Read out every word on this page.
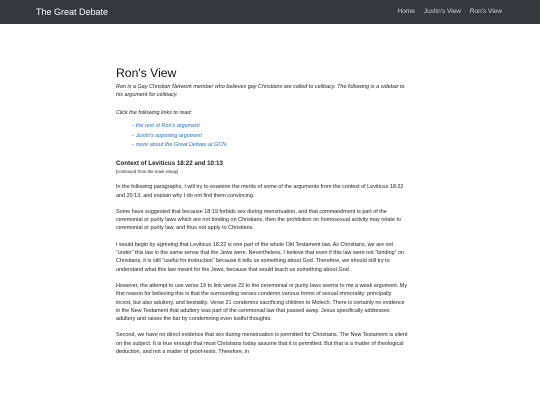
The Great Debate	Home Justin's View Ron's View
Ron's View

Ron is a Gay Christian Network member who believes gay Christians are called to celibacy. The following is a sidebar to his argument for celibacy.

Click the following links to read:

- the rest of Ron's argument
- Justin's opposing argument
- more about the Great Debate at GCN.
Context of Leviticus 18:22 and 10:13

[continued from the main essay]

In the following paragraphs, I will try to examine the merits of some of the arguments from the context of Leviticus 18:22 and 20:13, and explain why I do not find them convincing.

Some have suggested that because 18:19 forbids sex during menstruation, and that commandment is part of the ceremonial or purity laws which are not binding on Christians, then the prohibition on homosexual activity may relate to ceremonial or purity law, and thus not apply to Christians.

I would begin by agreeing that Leviticus 18:22 is one part of the whole Old Testament law. As Christians, we are not “under” this law in the same sense that the Jews were. Nevertheless, I believe that even if this law were not “binding” on Christians, it is still “useful for instruction” because it tells us something about God. Therefore, we should still try to understand what this law meant for the Jews, because that would teach us something about God.

However, the attempt to use verse 19 to link verse 22 to the ceremonial or purity laws seems to me a weak argument. My first reason for believing this is that the surrounding verses condemn various forms of sexual immorality: principally incest, but also adultery, and bestiality. Verse 21 condemns sacrificing children to Molech. There is certainly no evidence in the New Testament that adultery was part of the ceremonial law that passed away. Jesus specifically addresses adultery and raises the bar by condemning even lustful thoughts.

Second, we have no direct evidence that sex during menstruation is permitted for Christians. The New Testament is silent on the subject. It is true enough that most Christians today assume that it is permitted. But that is a matter of theological deduction, and not a matter of proof-texts. Therefore, in
